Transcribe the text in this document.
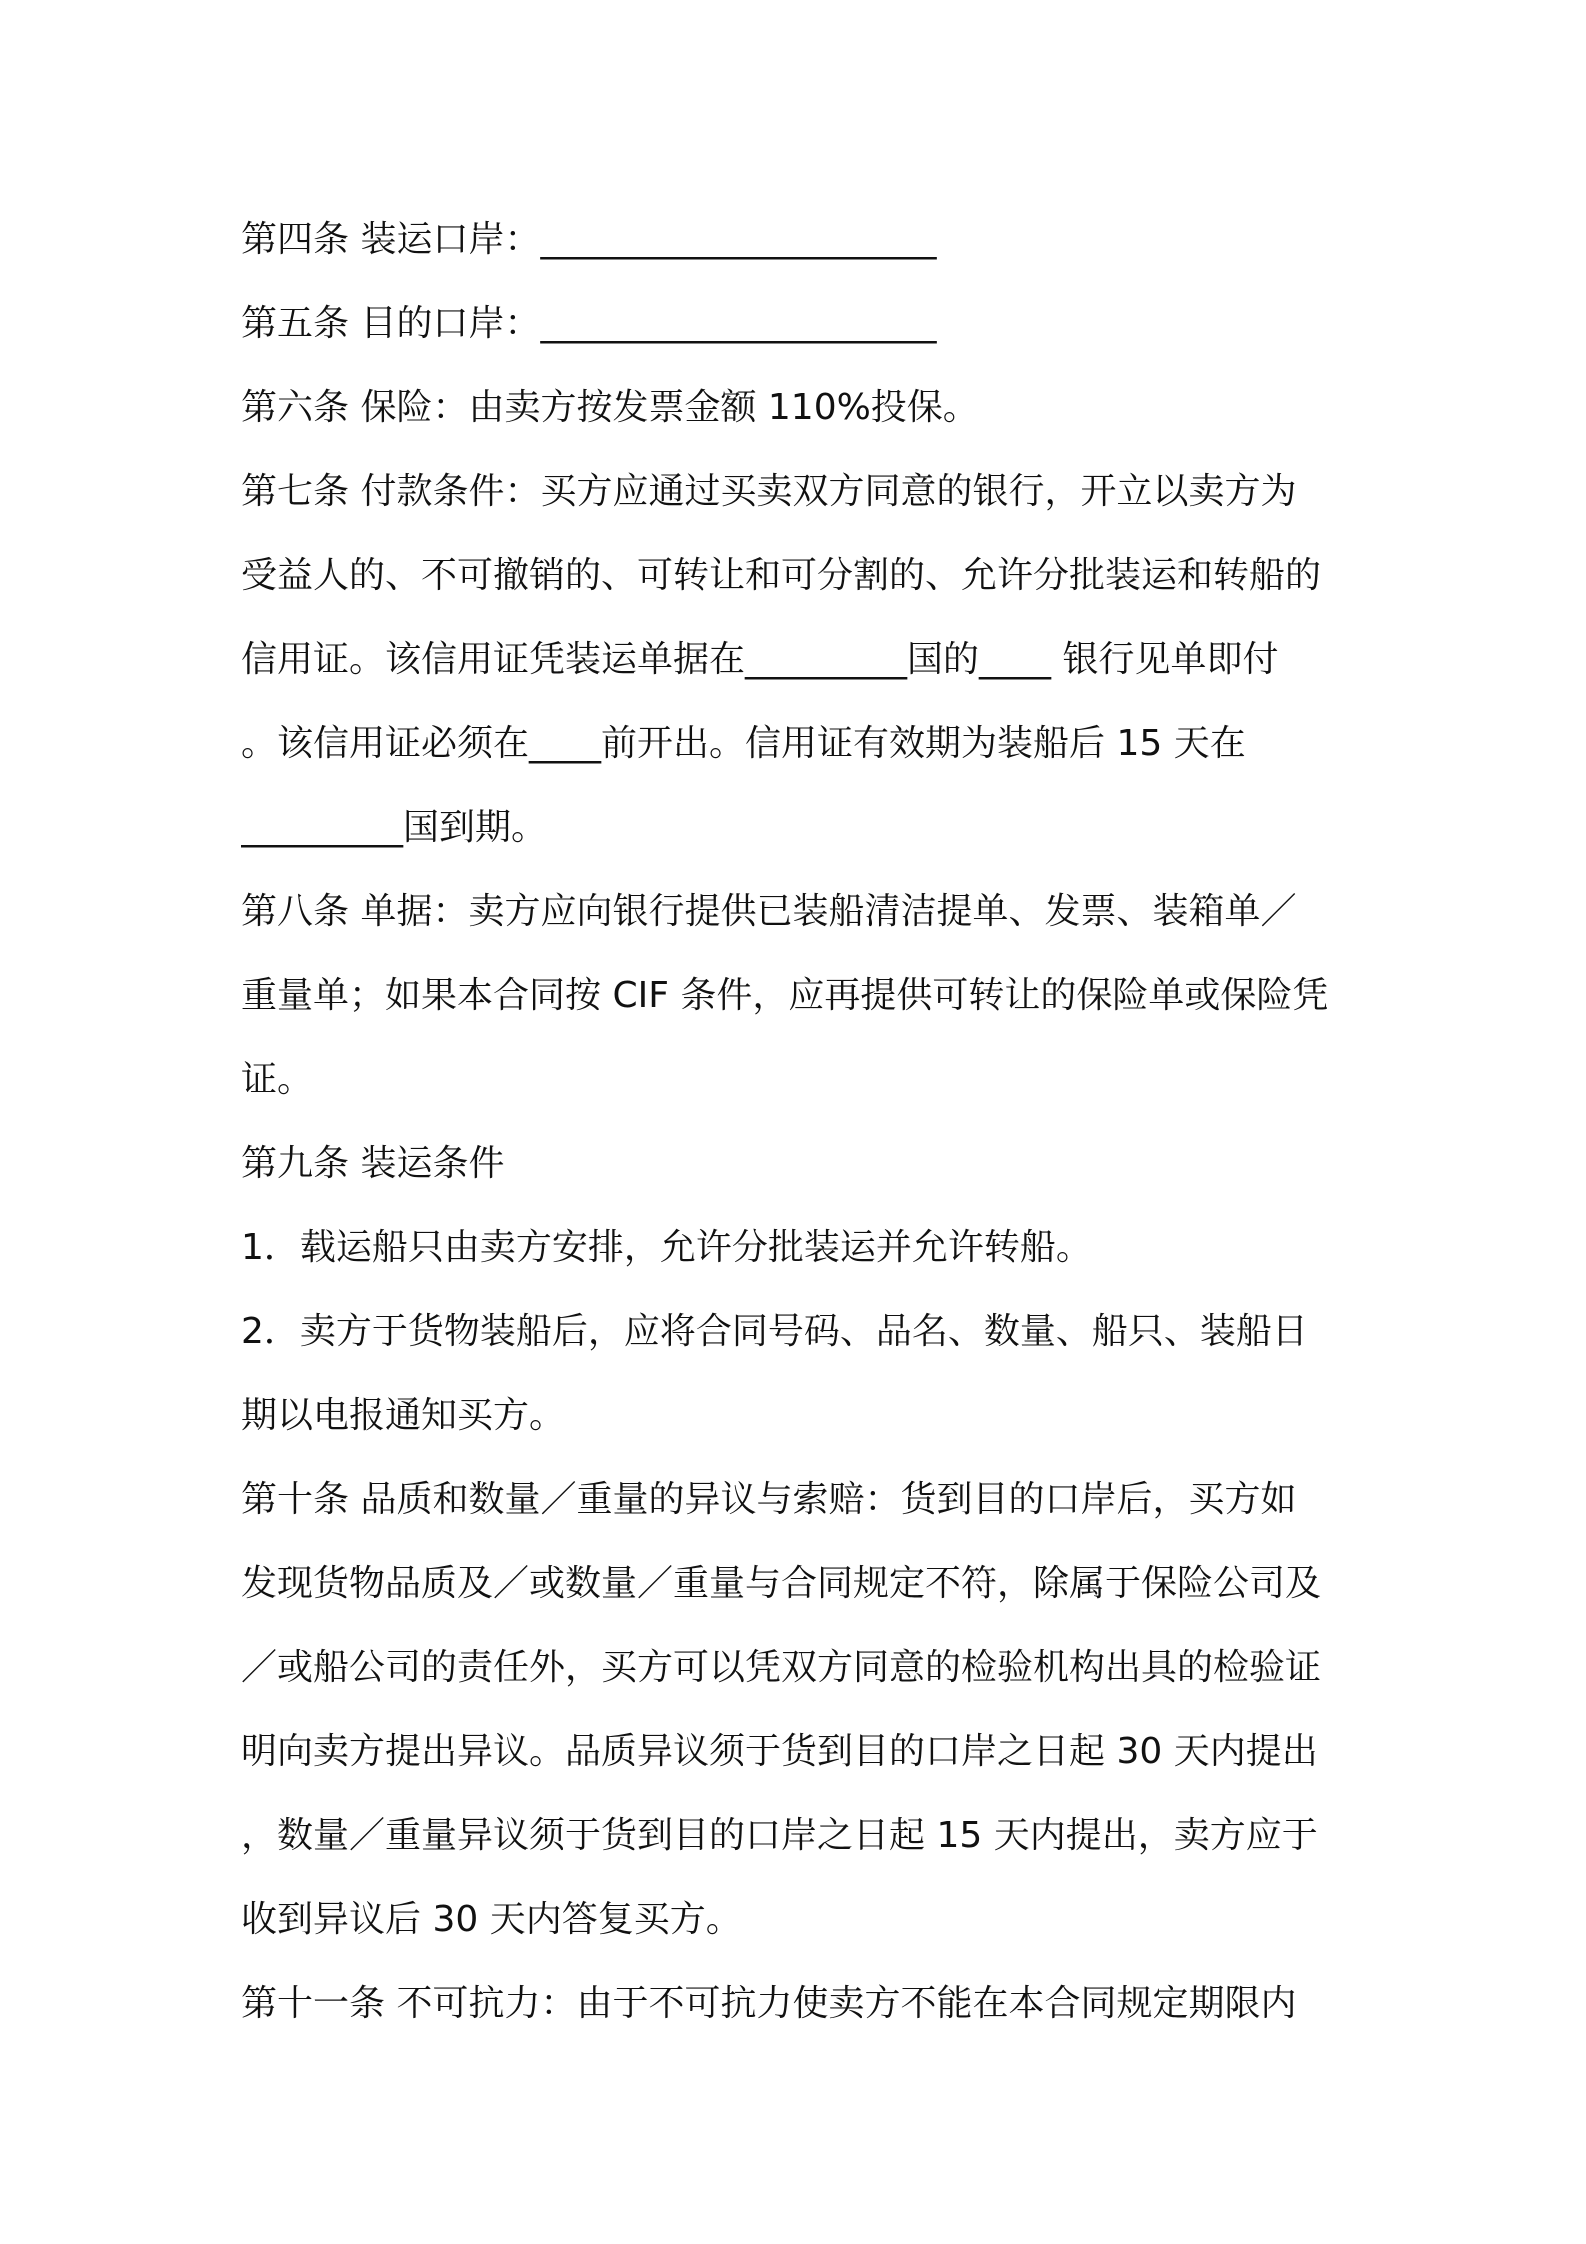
第四条 装运口岸：______________________
第五条 目的口岸：______________________
第六条 保险：由卖方按发票金额 110%投保。
第七条 付款条件：买方应通过买卖双方同意的银行，开立以卖方为
受益人的、不可撤销的、可转让和可分割的、允许分批装运和转船的
信用证。该信用证凭装运单据在_________国的____ 银行见单即付
。该信用证必须在____前开出。信用证有效期为装船后 15 天在
_________国到期。
第八条 单据：卖方应向银行提供已装船清洁提单、发票、装箱单／
重量单；如果本合同按 CIF 条件，应再提供可转让的保险单或保险凭
证。
第九条 装运条件
1．载运船只由卖方安排，允许分批装运并允许转船。
2．卖方于货物装船后，应将合同号码、品名、数量、船只、装船日
期以电报通知买方。
第十条 品质和数量／重量的异议与索赔：货到目的口岸后，买方如
发现货物品质及／或数量／重量与合同规定不符，除属于保险公司及
／或船公司的责任外，买方可以凭双方同意的检验机构出具的检验证
明向卖方提出异议。品质异议须于货到目的口岸之日起 30 天内提出
，数量／重量异议须于货到目的口岸之日起 15 天内提出，卖方应于
收到异议后 30 天内答复买方。
第十一条 不可抗力：由于不可抗力使卖方不能在本合同规定期限内
